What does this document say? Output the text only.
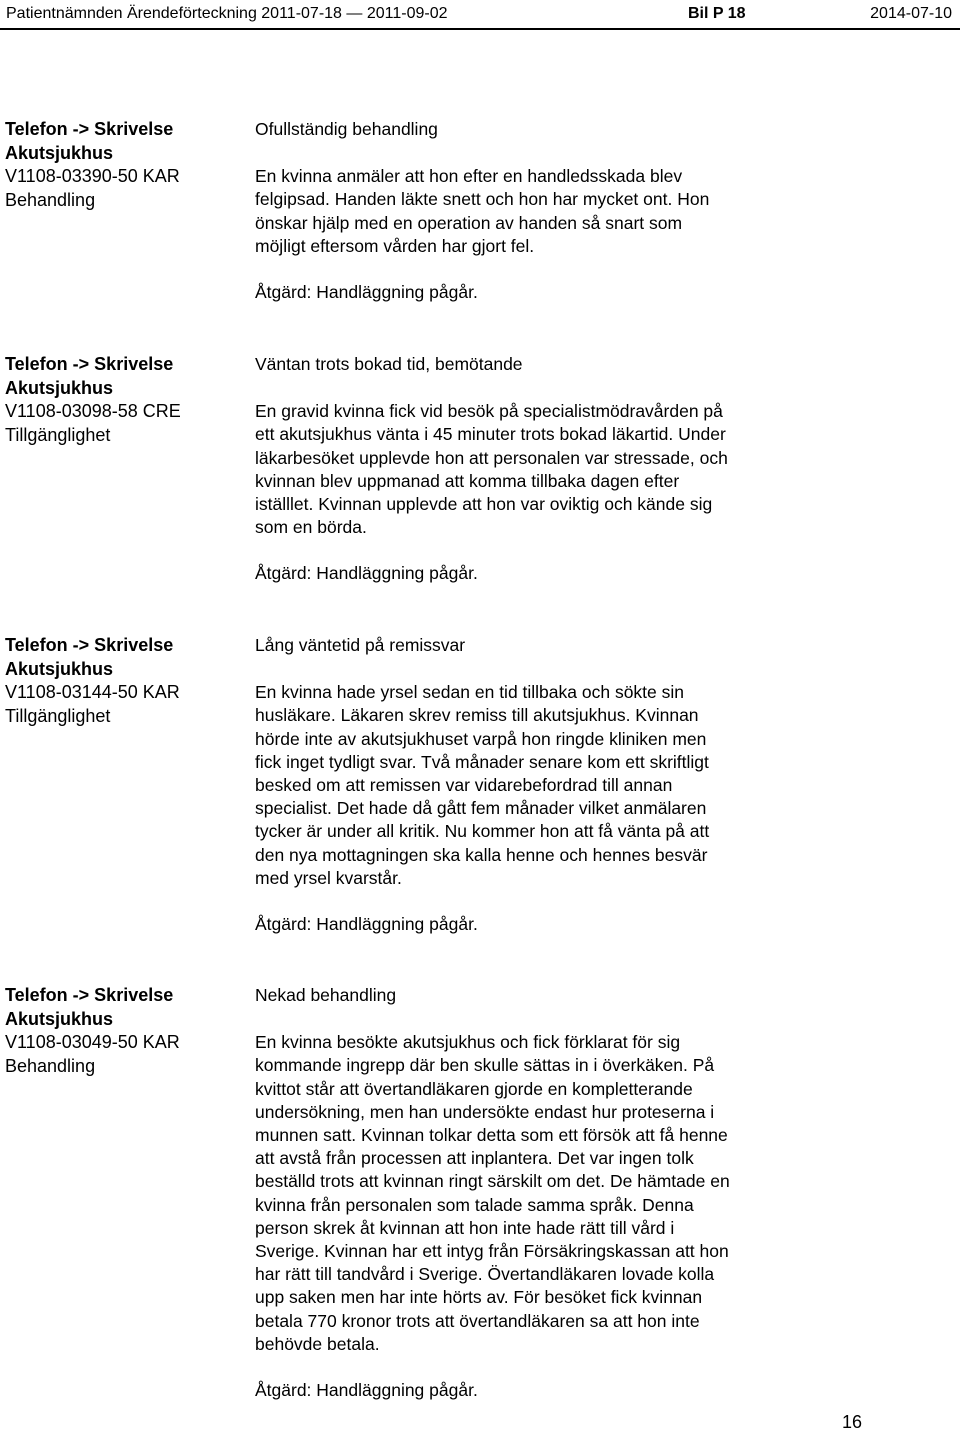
Patientnämnden Ärendeförteckning 2011-07-18 — 2011-09-02	Bil P 18	2014-07-10
Telefon -> Skrivelse
Akutsjukhus
V1108-03390-50 KAR
Behandling
Ofullständig behandling
En kvinna anmäler att hon efter en handledsskada blev
felgipsad. Handen läkte snett och hon har mycket ont. Hon
önskar hjälp med en operation av handen så snart som
möjligt eftersom vården har gjort fel.
Åtgärd: Handläggning pågår.
Telefon -> Skrivelse
Akutsjukhus
V1108-03098-58 CRE
Tillgänglighet
Väntan trots bokad tid, bemötande
En gravid kvinna fick vid besök på specialistmödravården på
ett akutsjukhus vänta i 45 minuter trots bokad läkartid. Under
läkarbesöket upplevde hon att personalen var stressade, och
kvinnan blev uppmanad att komma tillbaka dagen efter
iställlet. Kvinnan upplevde att hon var oviktig och kände sig
som en börda.
Åtgärd: Handläggning pågår.
Telefon -> Skrivelse
Akutsjukhus
V1108-03144-50 KAR
Tillgänglighet
Lång väntetid på remissvar
En kvinna hade yrsel sedan en tid tillbaka och sökte sin
husläkare. Läkaren skrev remiss till akutsjukhus. Kvinnan
hörde inte av akutsjukhuset varpå hon ringde kliniken men
fick inget tydligt svar. Två månader senare kom ett skriftligt
besked om att remissen var vidarebefordrad till annan
specialist. Det hade då gått fem månader vilket anmälaren
tycker är under all kritik. Nu kommer hon att få vänta på att
den nya mottagningen ska kalla henne och hennes besvär
med yrsel kvarstår.
Åtgärd: Handläggning pågår.
Telefon -> Skrivelse
Akutsjukhus
V1108-03049-50 KAR
Behandling
Nekad behandling
En kvinna besökte akutsjukhus och fick förklarat för sig
kommande ingrepp där ben skulle sättas in i överkäken. På
kvittot står att övertandläkaren gjorde en kompletterande
undersökning, men han undersökte endast hur proteserna i
munnen satt. Kvinnan tolkar detta som ett försök att få henne
att avstå från processen att inplantera. Det var ingen tolk
beställd trots att kvinnan ringt särskilt om det. De hämtade en
kvinna från personalen som talade samma språk. Denna
person skrek åt kvinnan att hon inte hade rätt till vård i
Sverige. Kvinnan har ett intyg från Försäkringskassan att hon
har rätt till tandvård i Sverige. Övertandläkaren lovade kolla
upp saken men har inte hörts av. För besöket fick kvinnan
betala 770 kronor trots att övertandläkaren sa att hon inte
behövde betala.
Åtgärd: Handläggning pågår.
16
